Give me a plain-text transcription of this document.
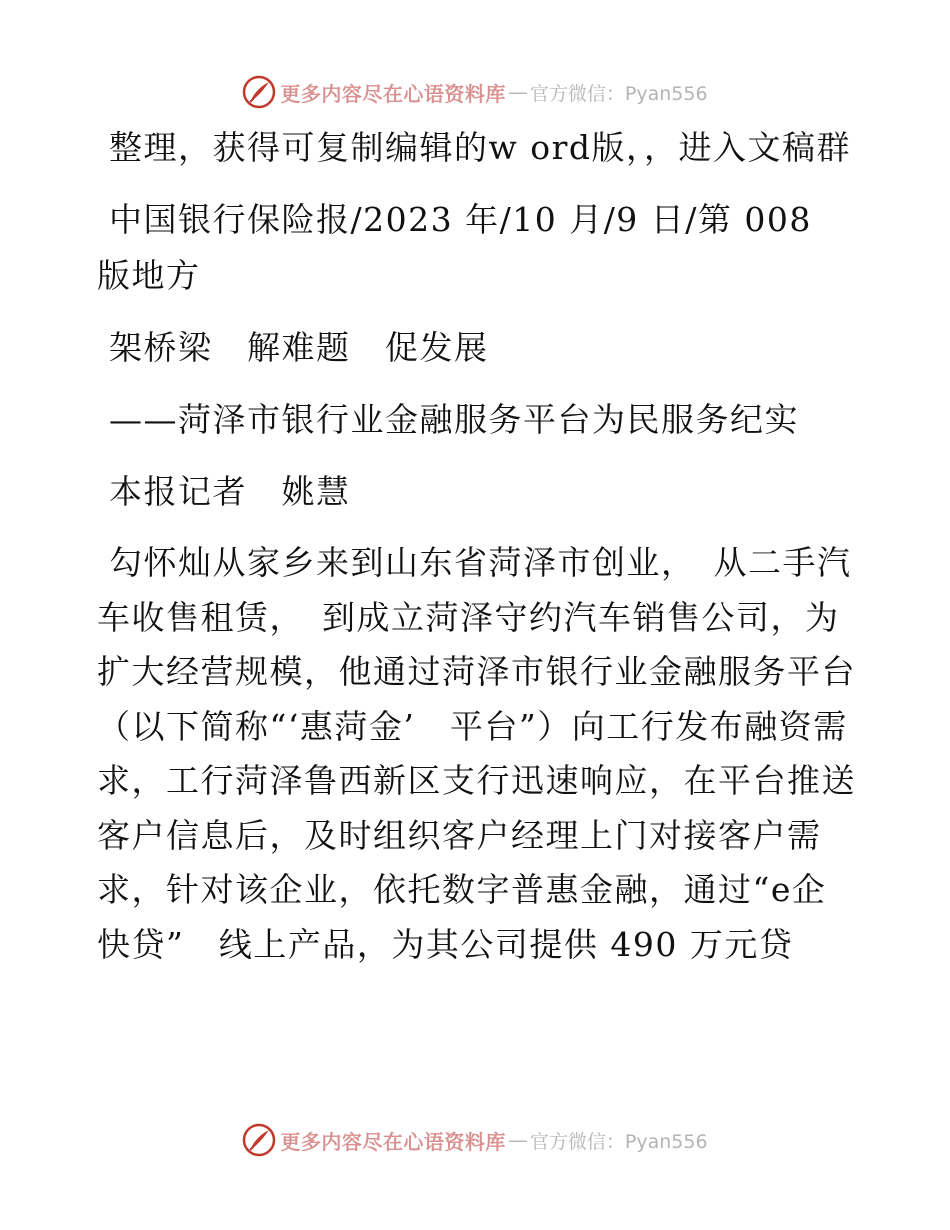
更多内容尽在心语资料库 — 官方微信：Pyan556

整理，获得可复制编辑的w ord版，，进入文稿群

中国银行保险报/2023 年/10 月/9 日/第 008 版地方

架桥梁　解难题　促发展

——菏泽市银行业金融服务平台为民服务纪实

本报记者　姚慧

勾怀灿从家乡来到山东省菏泽市创业，　从二手汽车收售租赁，　到成立菏泽守约汽车销售公司，为扩大经营规模，他通过菏泽市银行业金融服务平台（以下简称“‘惠菏金’　平台”）向工行发布融资需求，工行菏泽鲁西新区支行迅速响应，在平台推送客户信息后，及时组织客户经理上门对接客户需求，针对该企业，依托数字普惠金融，通过“e企快贷”　线上产品，为其公司提供 490 万元贷

更多内容尽在心语资料库 — 官方微信：Pyan556
